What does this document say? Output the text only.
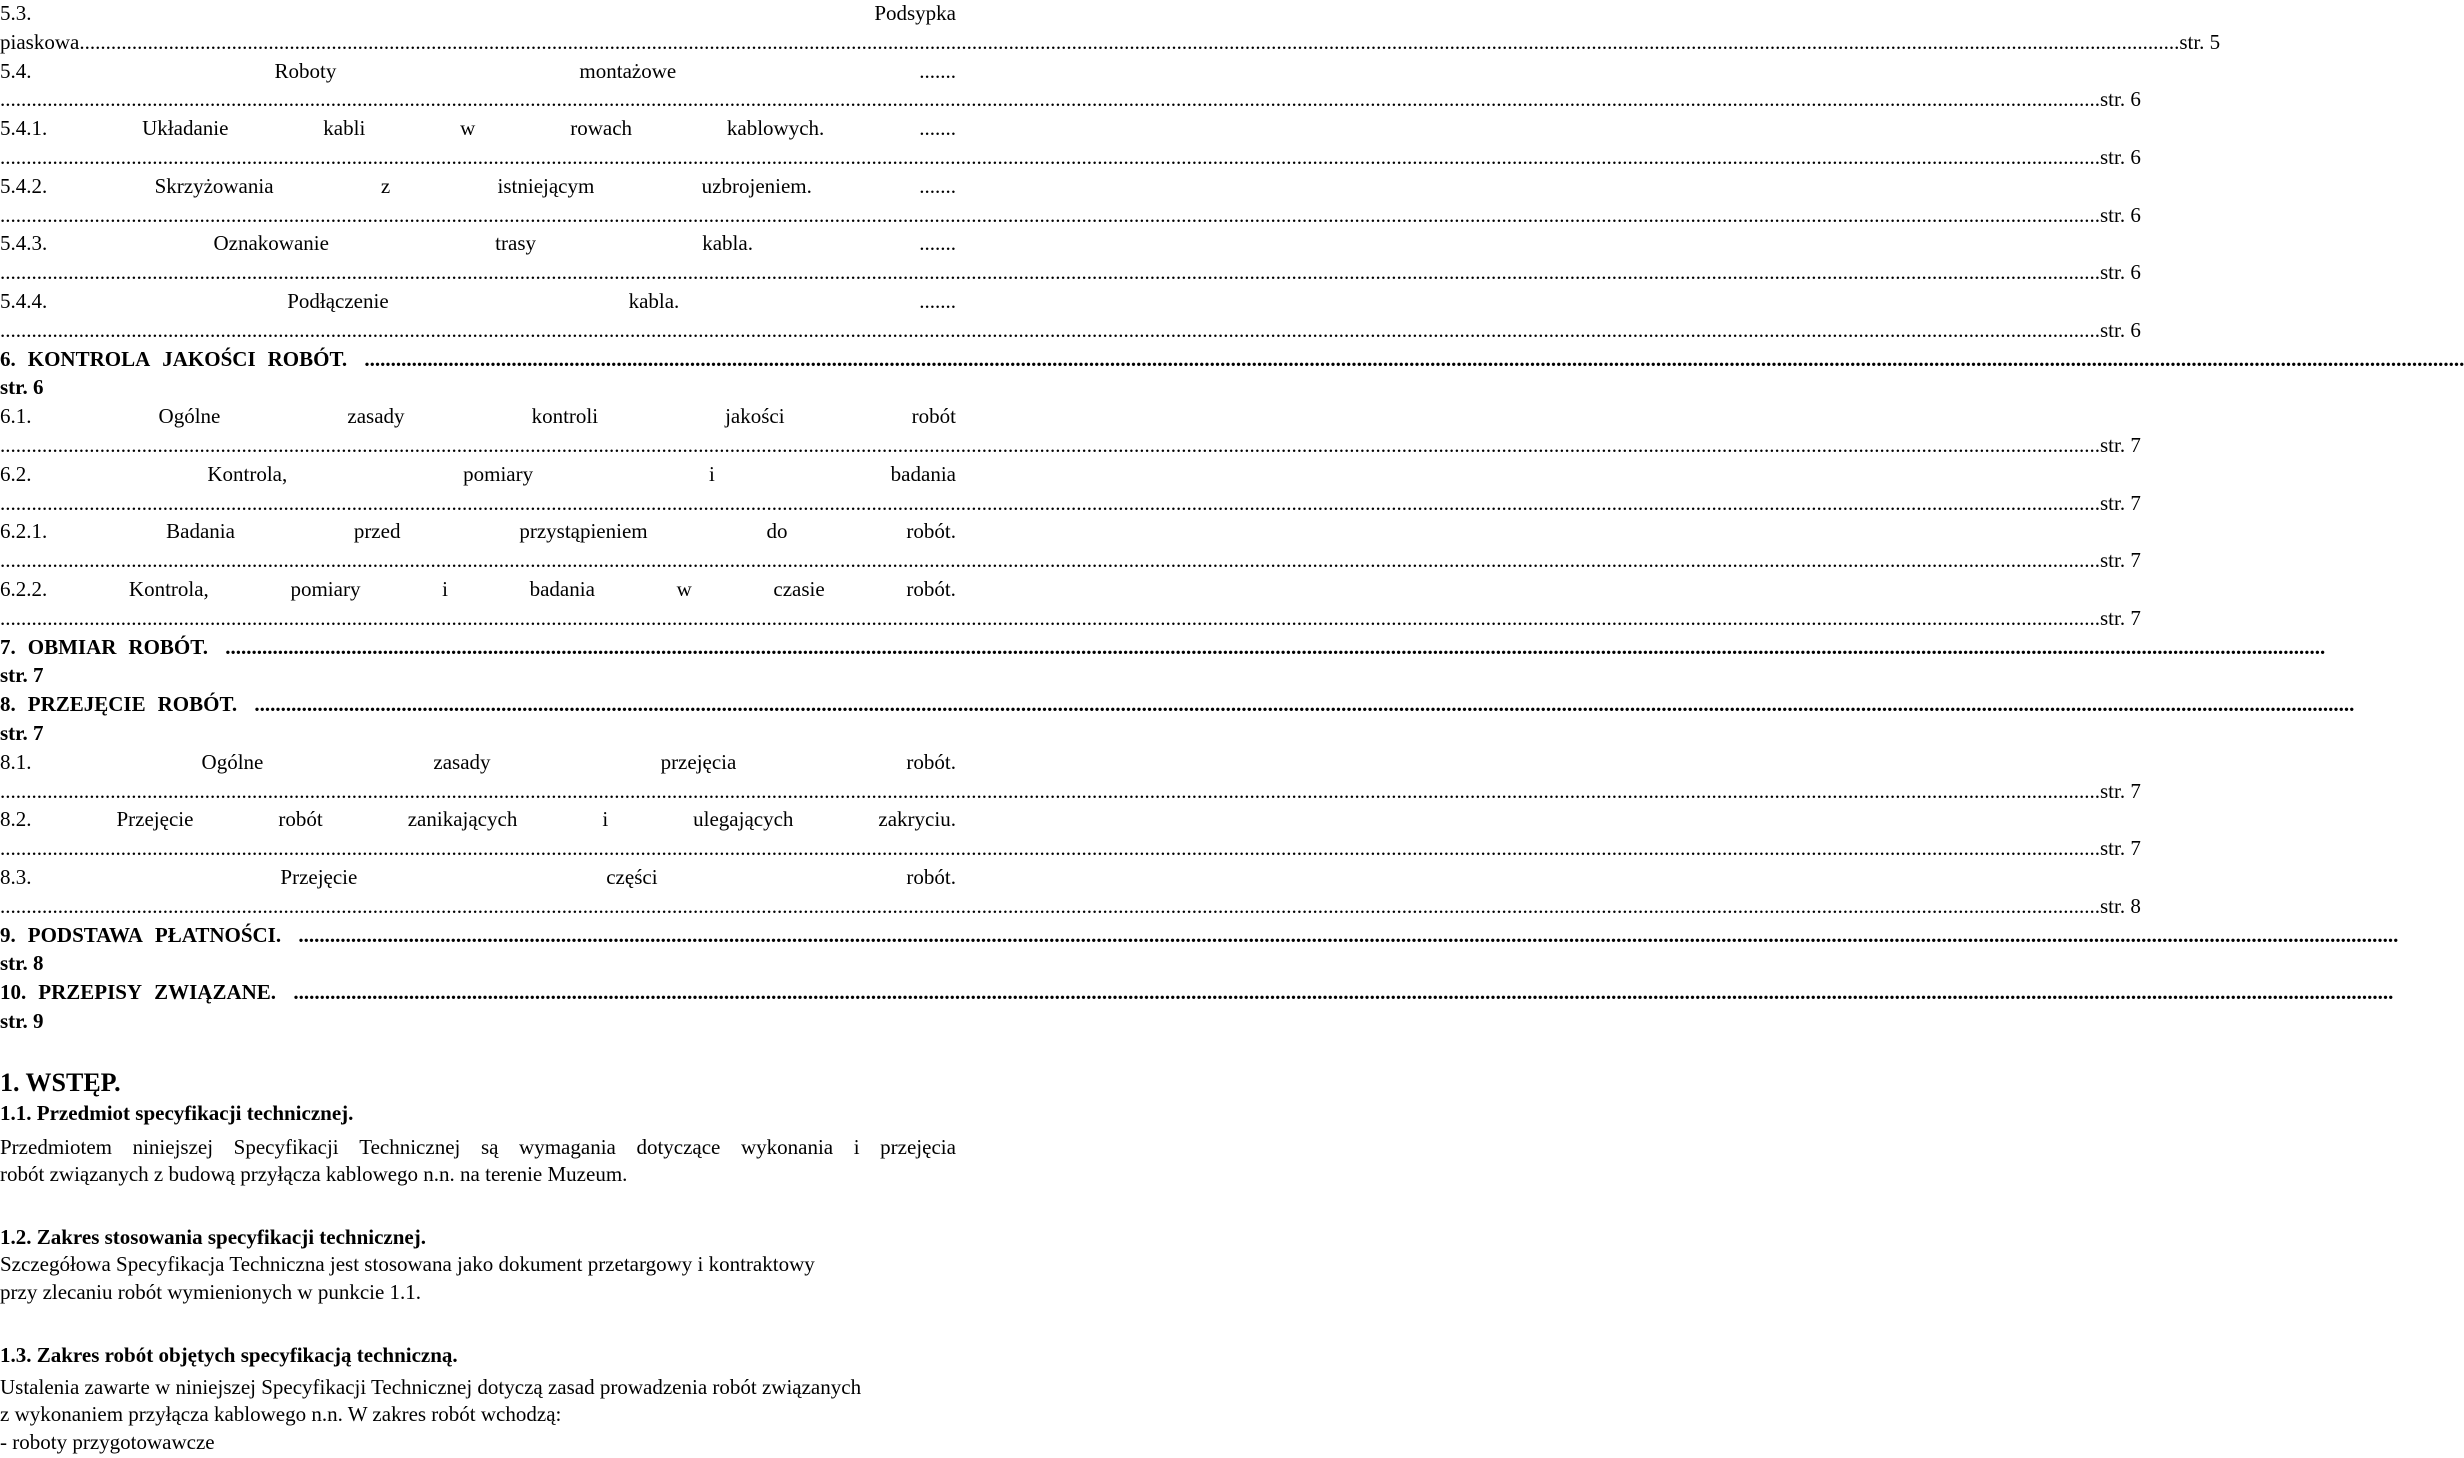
5.3.	Podsypka
piaskowa ................................................................................................................................................................................................................................................................................................................................................................................................................ str. 5
5.4.	Roboty	montażowe	.......
................................................................................................................................................................................................................................................................................................................................................................................................................ str. 6
5.4.1.	Układanie	kabli	w	rowach	kablowych.	.......
................................................................................................................................................................................................................................................................................................................................................................................................................ str. 6
5.4.2.	Skrzyżowania	z	istniejącym	uzbrojeniem.	.......
................................................................................................................................................................................................................................................................................................................................................................................................................ str. 6
5.4.3.	Oznakowanie	trasy	kabla.	.......
................................................................................................................................................................................................................................................................................................................................................................................................................ str. 6
5.4.4.	Podłączenie	kabla.	.......
................................................................................................................................................................................................................................................................................................................................................................................................................ str. 6
6. KONTROLA JAKOŚCI ROBÓT. ................................................................................................................................................................................................................................................................................................................................................................................................................
str. 6
6.1.	Ogólne	zasady	kontroli	jakości	robót
................................................................................................................................................................................................................................................................................................................................................................................................................ str. 7
6.2.	Kontrola,	pomiary	i	badania
................................................................................................................................................................................................................................................................................................................................................................................................................ str. 7
6.2.1.	Badania	przed	przystąpieniem	do	robót.
................................................................................................................................................................................................................................................................................................................................................................................................................ str. 7
6.2.2.	Kontrola,	pomiary	i	badania	w	czasie	robót.
................................................................................................................................................................................................................................................................................................................................................................................................................ str. 7
7. OBMIAR ROBÓT. ................................................................................................................................................................................................................................................................................................................................................................................................................
str. 7
8. PRZEJĘCIE ROBÓT. ................................................................................................................................................................................................................................................................................................................................................................................................................
str. 7
8.1.	Ogólne	zasady	przejęcia	robót.
................................................................................................................................................................................................................................................................................................................................................................................................................ str. 7
8.2.	Przejęcie	robót	zanikających	i	ulegających	zakryciu.
................................................................................................................................................................................................................................................................................................................................................................................................................ str. 7
8.3.	Przejęcie	części	robót.
................................................................................................................................................................................................................................................................................................................................................................................................................ str. 8
9. PODSTAWA PŁATNOŚCI. ................................................................................................................................................................................................................................................................................................................................................................................................................
str. 8
10. PRZEPISY ZWIĄZANE. ................................................................................................................................................................................................................................................................................................................................................................................................................
str. 9
1. WSTĘP.
1.1. Przedmiot specyfikacji technicznej.
Przedmiotem niniejszej Specyfikacji Technicznej są wymagania dotyczące wykonania i przejęcia
robót związanych z budową przyłącza kablowego n.n. na terenie Muzeum.
1.2. Zakres stosowania specyfikacji technicznej.
Szczegółowa Specyfikacja Techniczna jest stosowana jako dokument przetargowy i kontraktowy
przy zlecaniu robót wymienionych w punkcie 1.1.
1.3. Zakres robót objętych specyfikacją techniczną.
Ustalenia zawarte w niniejszej Specyfikacji Technicznej dotyczą zasad prowadzenia robót związanych
z wykonaniem przyłącza kablowego n.n. W zakres robót wchodzą:
- roboty przygotowawcze
